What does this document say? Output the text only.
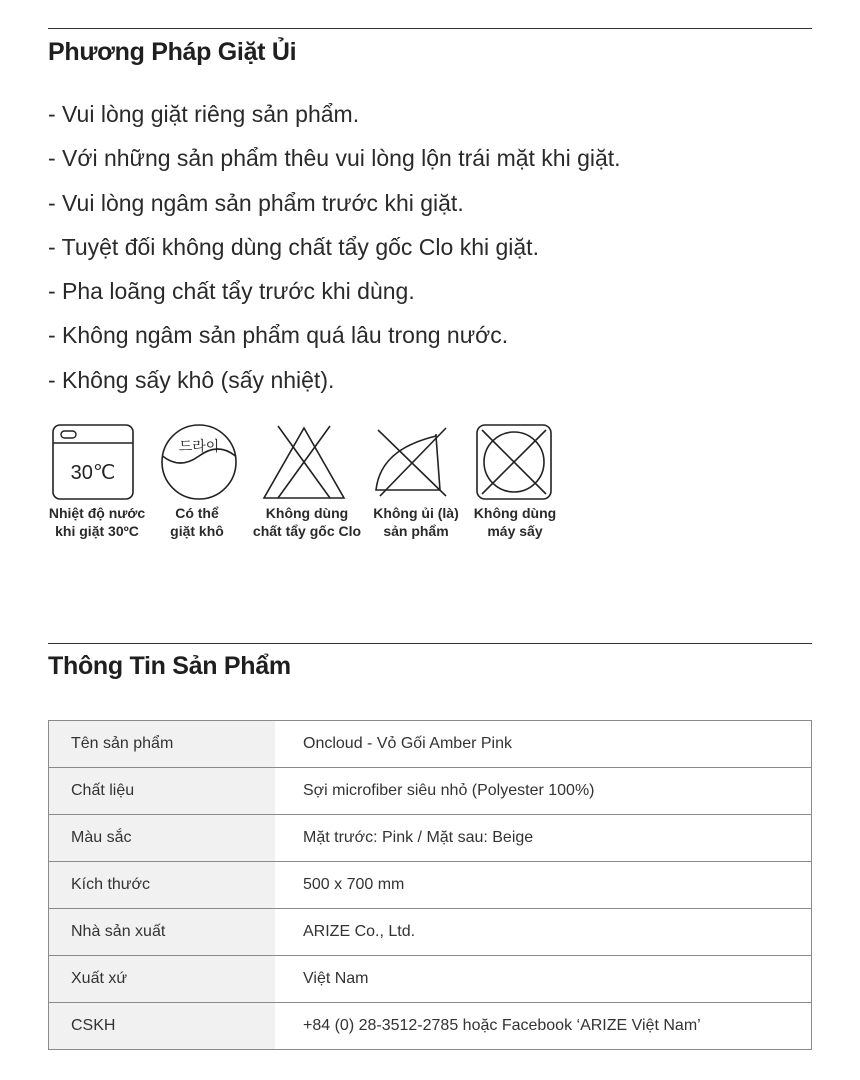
Phương Pháp Giặt Ủi
- Vui lòng giặt riêng sản phẩm.
- Với những sản phẩm thêu vui lòng lộn trái mặt khi giặt.
- Vui lòng ngâm sản phẩm trước khi giặt.
- Tuyệt đối không dùng chất tẩy gốc Clo khi giặt.
- Pha loãng chất tẩy trước khi dùng.
- Không ngâm sản phẩm quá lâu trong nước.
- Không sấy khô (sấy nhiệt).
30℃
드라이
Nhiệt độ nước
khi giặt 30ºC
Có thể
giặt khô
Không dùng
chất tẩy gốc Clo
Không ủi (là)
sản phẩm
Không dùng
máy sấy
Thông Tin Sản Phẩm
Tên sản phẩm	Oncloud - Vỏ Gối Amber Pink
Chất liệu	Sợi microfiber siêu nhỏ (Polyester 100%)
Màu sắc	Mặt trước: Pink / Mặt sau: Beige
Kích thước	500 x 700 mm
Nhà sản xuất	ARIZE Co., Ltd.
Xuất xứ	Việt Nam
CSKH	+84 (0) 28-3512-2785 hoặc Facebook ‘ARIZE Việt Nam’
